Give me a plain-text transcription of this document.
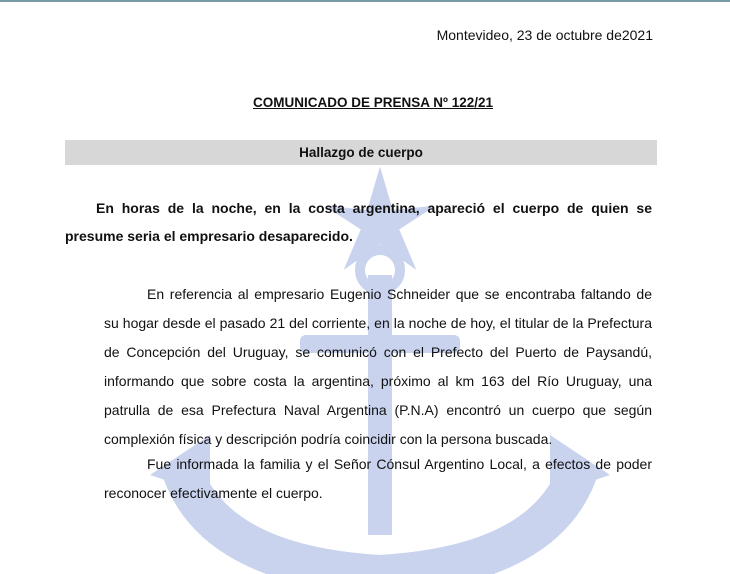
Montevideo, 23 de octubre de2021
COMUNICADO DE PRENSA Nº 122/21
Hallazgo de cuerpo
En horas de la noche, en la costa argentina, apareció el cuerpo de quien se presume seria el empresario desaparecido.
En referencia al empresario Eugenio Schneider que se encontraba faltando de su hogar desde el pasado 21 del corriente, en la noche de hoy, el titular de la Prefectura de Concepción del Uruguay, se comunicó con el Prefecto del Puerto de Paysandú, informando que sobre costa la argentina, próximo al km 163 del Río Uruguay, una patrulla de esa Prefectura Naval Argentina (P.N.A) encontró un cuerpo que según complexión física y descripción podría coincidir con la persona buscada.
Fue informada la familia y el Señor Cónsul Argentino Local, a efectos de poder reconocer efectivamente el cuerpo.
